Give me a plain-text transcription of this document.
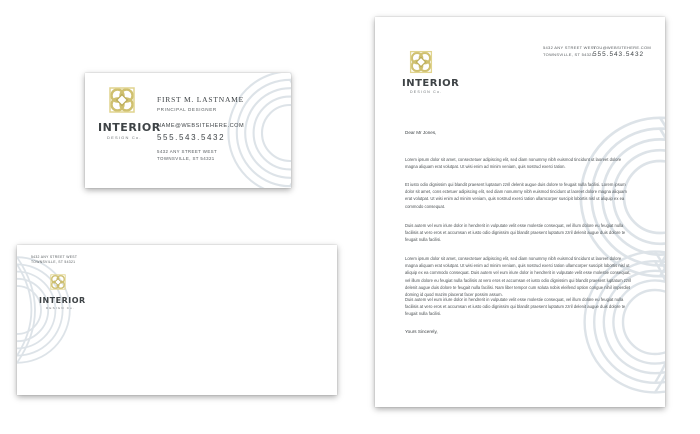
INTERIOR
DESIGN Co.
FIRST M. LASTNAME
PRINCIPAL DESIGNER
NAME@WEBSITEHERE.COM
555.543.5432
5432 ANY STREET WEST
TOWNSVILLE, ST 54321
5432 ANY STREET WEST
TOWNSVILLE, ST 54321
INTERIOR
DESIGN Co.
INTERIOR
DESIGN Co.
5432 ANY STREET WEST
TOWNSVILLE, ST 54321
YOU@WEBSITEHERE.COM
555.543.5432
Dear Mr Jones,
Lorem ipsum dolor sit amet, consectetuer adipiscing elit, sed diam nonummy nibh euismod tincidunt ut laoreet dolore magna aliquam erat volutpat. Ut wisi enim ad minim veniam, quis nostrud exerci tation.
Et iusto odio dignissim qui blandit praesent luptatum zzril delenit augue duis dolore te feugait nulla facilisi. Lorem ipsum dolor sit amet, cons ectetuer adipiscing elit, sed diam nonummy nibh euismod tincidunt ut laoreet dolore magna aliquam erat volutpat. Ut wisi enim ad minim veniam, quis nostrud exerci tation ullamcorper suscipit lobortis nisl ut aliquip ex ea commodo consequat.
Duis autem vel eum iriure dolor in hendrerit in vulputate velit esse molestie consequat, vel illum dolore eu feugiat nulla facilisis at vero eros et accumsan et iusto odio dignissim qui blandit praesent luptatum zzril delenit augue duis dolore te feugait nulla facilisi.
Lorem ipsum dolor sit amet, consectetuer adipiscing elit, sed diam nonummy nibh euismod tincidunt ut laoreet dolore magna aliquam erat volutpat. Ut wisi enim ad minim veniam, quis nostrud exerci tation ullamcorper suscipit lobortis nisl ut aliquip ex ea commodo consequat. Duis autem vel eum iriure dolor in hendrerit in vulputate velit esse molestie consequat, vel illum dolore eu feugiat nulla facilisis at vero eros et accumsan et iusto odio dignissim qui blandit praesent luptatum zzril delenit augue duis dolore te feugait nulla facilisi. Nam liber tempor cum soluta nobis eleifend option congue nihil imperdiet doming id quod mazim placerat facer possim assum.
Duis autem vel eum iriure dolor in hendrerit in vulputate velit esse molestie consequat, vel illum dolore eu feugiat nulla facilisis at vero eros et accumsan et iusto odio dignissim qui blandit praesent luptatum zzril delenit augue duis dolore te feugait nulla facilisi.
Yours Sincerely,
